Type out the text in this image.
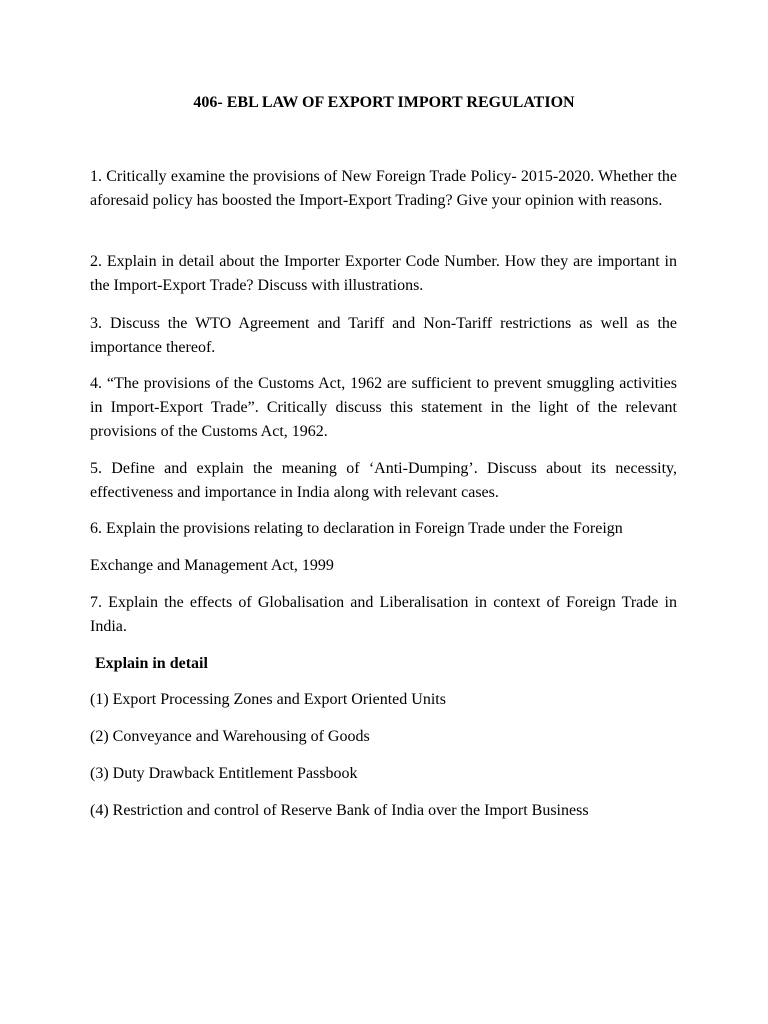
406- EBL LAW OF EXPORT IMPORT REGULATION

1. Critically examine the provisions of New Foreign Trade Policy- 2015-2020. Whether the aforesaid policy has boosted the Import-Export Trading? Give your opinion with reasons.

2. Explain in detail about the Importer Exporter Code Number. How they are important in the Import-Export Trade? Discuss with illustrations.

3. Discuss the WTO Agreement and Tariff and Non-Tariff restrictions as well as the importance thereof.

4. “The provisions of the Customs Act, 1962 are sufficient to prevent smuggling activities in Import-Export Trade”. Critically discuss this statement in the light of the relevant provisions of the Customs Act, 1962.

5. Define and explain the meaning of ‘Anti-Dumping’. Discuss about its necessity, effectiveness and importance in India along with relevant cases.

6. Explain the provisions relating to declaration in Foreign Trade under the Foreign

Exchange and Management Act, 1999

7. Explain the effects of Globalisation and Liberalisation in context of Foreign Trade in India.

Explain in detail

(1) Export Processing Zones and Export Oriented Units

(2) Conveyance and Warehousing of Goods

(3) Duty Drawback Entitlement Passbook

(4) Restriction and control of Reserve Bank of India over the Import Business
